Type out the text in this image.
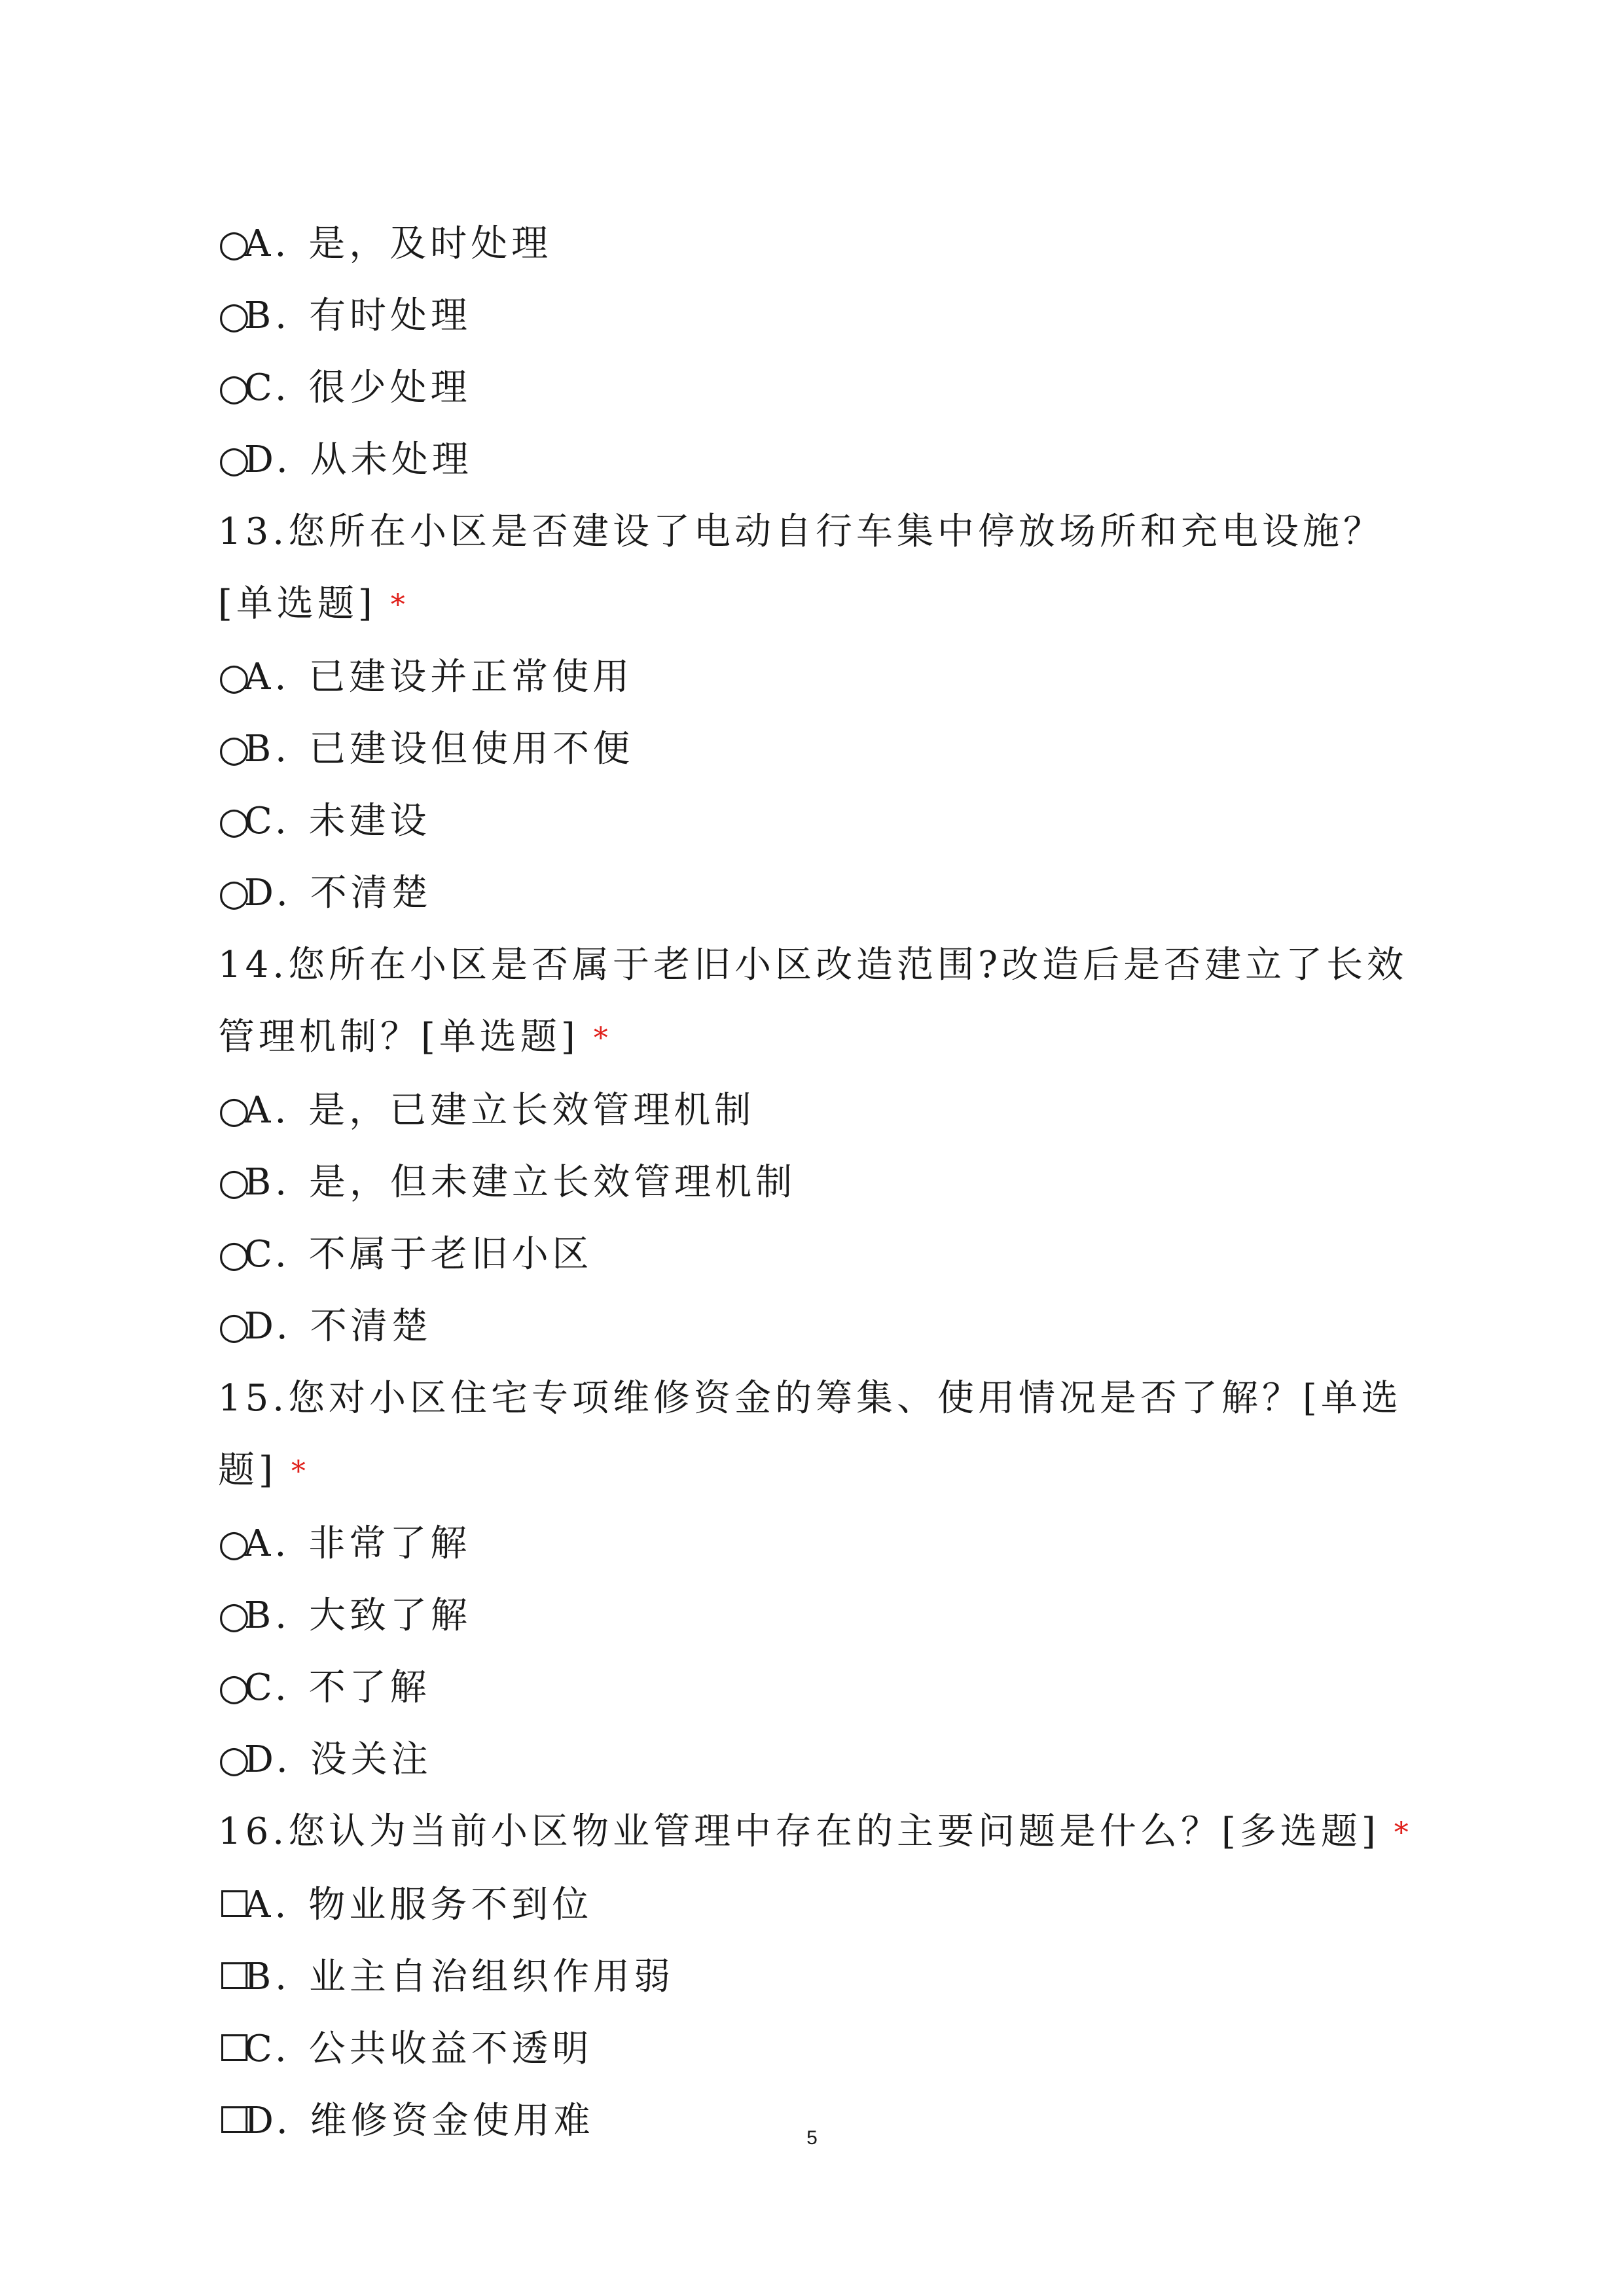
○A. 是，及时处理
○B. 有时处理
○C. 很少处理
○D. 从未处理
13.您所在小区是否建设了电动自行车集中停放场所和充电设施？[单选题] *
○A. 已建设并正常使用
○B. 已建设但使用不便
○C. 未建设
○D. 不清楚
14.您所在小区是否属于老旧小区改造范围?改造后是否建立了长效管理机制？[单选题] *
○A. 是，已建立长效管理机制
○B. 是，但未建立长效管理机制
○C. 不属于老旧小区
○D. 不清楚
15.您对小区住宅专项维修资金的筹集、使用情况是否了解？[单选题] *
○A. 非常了解
○B. 大致了解
○C. 不了解
○D. 没关注
16.您认为当前小区物业管理中存在的主要问题是什么？[多选题] *
☐A. 物业服务不到位
☐B. 业主自治组织作用弱
☐C. 公共收益不透明
☐D. 维修资金使用难	5
